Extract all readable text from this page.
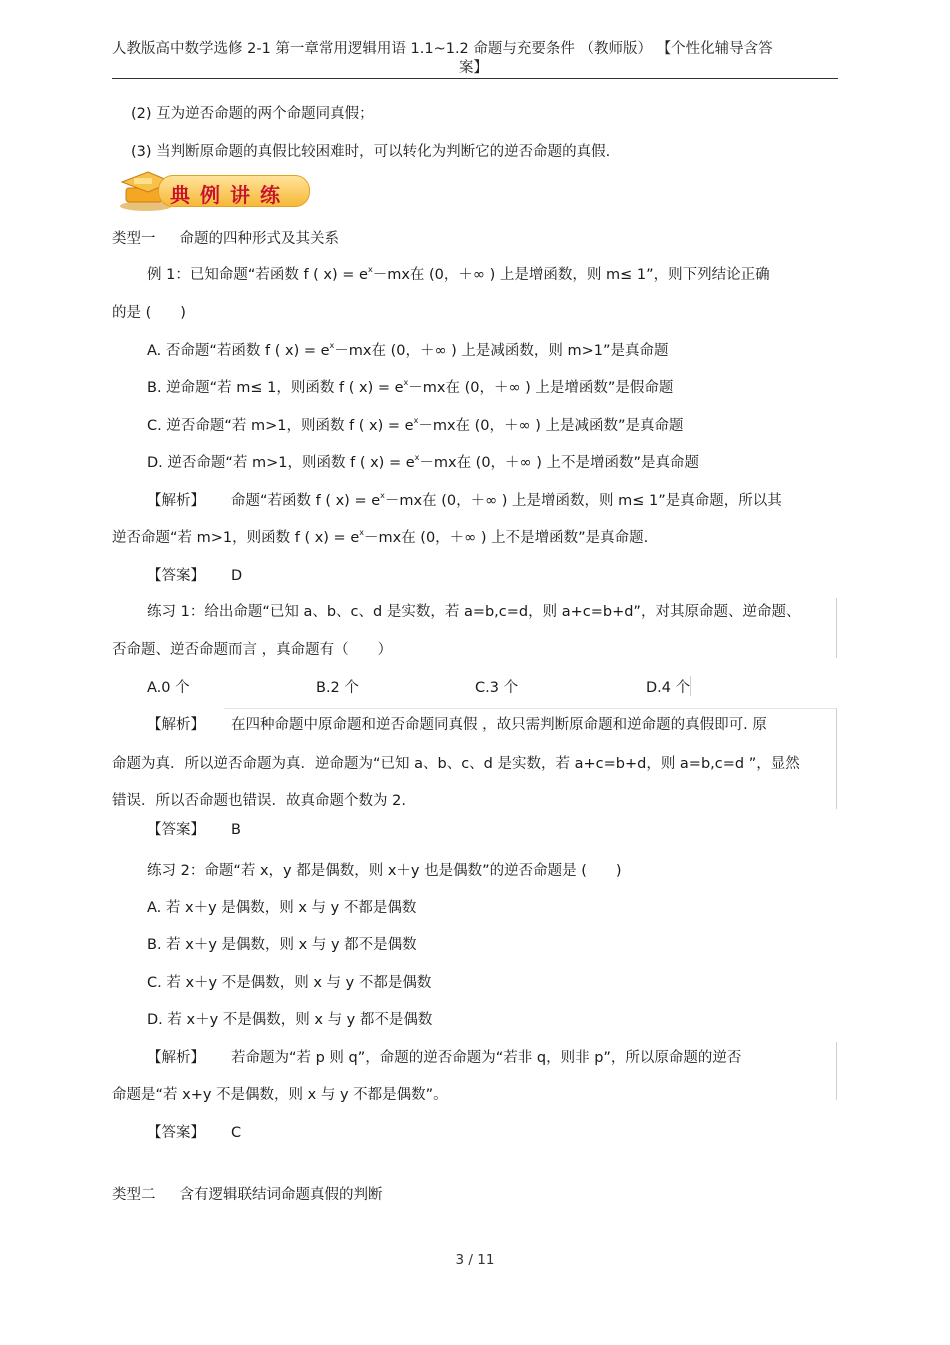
人教版高中数学选修 2-1 第一章常用逻辑用语 1.1~1.2 命题与充要条件 （教师版） 【个性化辅导含答
案】
(2) 互为逆否命题的两个命题同真假；
(3) 当判断原命题的真假比较困难时，可以转化为判断它的逆否命题的真假.
典例讲练
类型一 命题的四种形式及其关系
例 1：已知命题“若函数 f ( $x) = e^x-mx$在 (0，＋∞ ) 上是增函数，则 m≤ 1”，则下列结论正确
的是 (　　)
A. 否命题“若函数 f ( $x) = e^x-mx$在 (0，＋∞ ) 上是减函数，则 m>1”是真命题
B. 逆命题“若 m≤ 1，则函数 f ( $x) = e^x-mx$在 (0，＋∞ ) 上是增函数”是假命题
C. 逆否命题“若 m>1，则函数 f ( $x) = e^x-mx$在 (0，＋∞ ) 上是减函数”是真命题
D. 逆否命题“若 m>1，则函数 f ( $x) = e^x-mx$在 (0，＋∞ ) 上不是增函数”是真命题
【解析】 命题“若函数 f ( $x) = e^x-mx$在 (0，＋∞ ) 上是增函数，则 m≤ 1”是真命题，所以其
逆否命题“若 m>1，则函数 f ( $x) = e^x-mx$在 (0，＋∞ ) 上不是增函数”是真命题.
【答案】 D
练习 1：给出命题“已知 a、b、c、d 是实数，若 a=b,c=d，则 a+c=b+d”，对其原命题、逆命题、
否命题、逆否命题而言 ，真命题有（　　）
A.0 个	B.2 个	C.3 个	D.4 个
【解析】 在四种命题中原命题和逆否命题同真假 ，故只需判断原命题和逆命题的真假即可. 原
命题为真．所以逆否命题为真．逆命题为“已知 a、b、c、d 是实数，若 a+c=b+d，则 a=b,c=d ”，显然
错误．所以否命题也错误．故真命题个数为 2.
【答案】 B
练习 2：命题“若 x，y 都是偶数，则 x＋y 也是偶数”的逆否命题是 (　　)
A. 若 x＋y 是偶数，则 x 与 y 不都是偶数
B. 若 x＋y 是偶数，则 x 与 y 都不是偶数
C. 若 x＋y 不是偶数，则 x 与 y 不都是偶数
D. 若 x＋y 不是偶数，则 x 与 y 都不是偶数
【解析】 若命题为“若 p 则 q”，命题的逆否命题为“若非 q，则非 p”，所以原命题的逆否
命题是“若 x+y 不是偶数，则 x 与 y 不都是偶数”。
【答案】 C
类型二 含有逻辑联结词命题真假的判断
3 / 11
